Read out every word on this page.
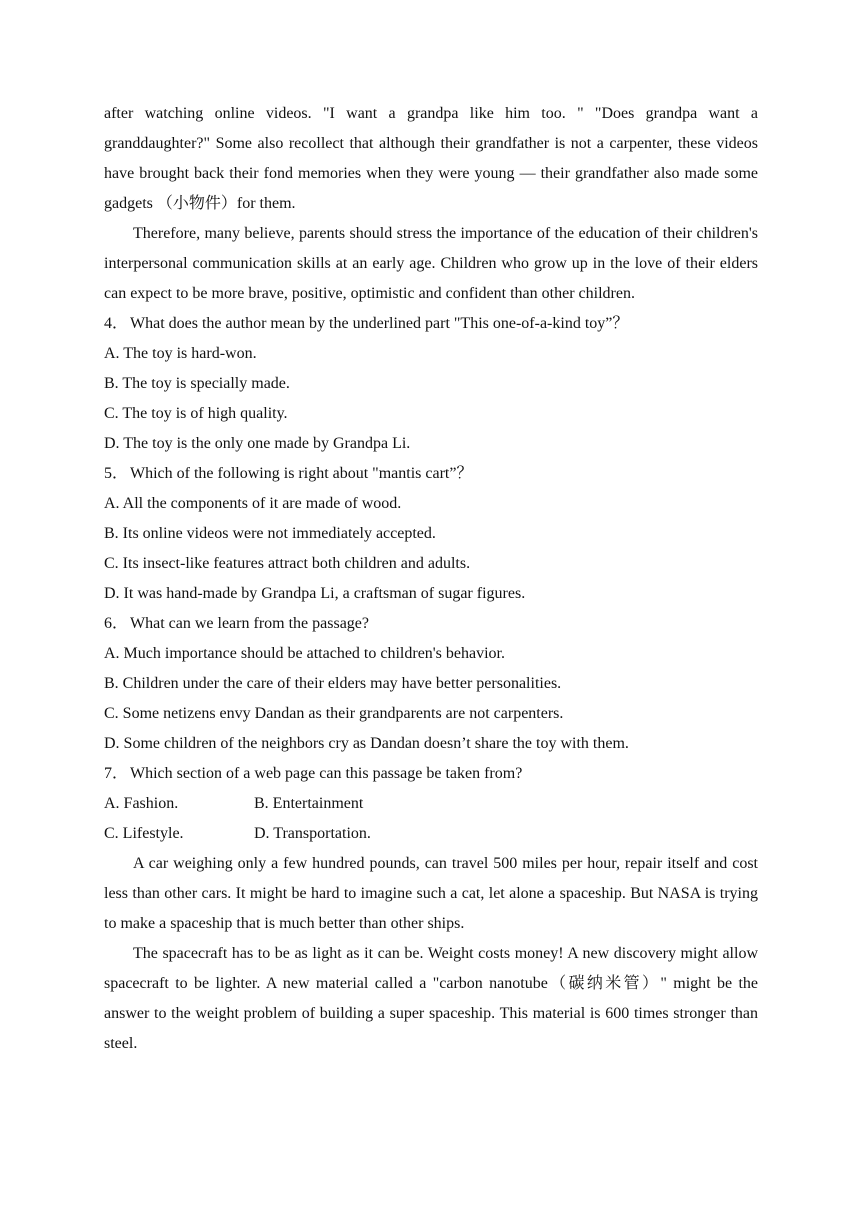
after watching online videos. "I want a grandpa like him too. " "Does grandpa want a granddaughter?" Some also recollect that although their grandfather is not a carpenter, these videos have brought back their fond memories when they were young — their grandfather also made some gadgets （小物件）for them.

Therefore, many believe, parents should stress the importance of the education of their children's interpersonal communication skills at an early age. Children who grow up in the love of their elders can expect to be more brave, positive, optimistic and confident than other children.

4． What does the author mean by the underlined part "This one-of-a-kind toy”？

A. The toy is hard-won.

B. The toy is specially made.

C. The toy is of high quality.

D. The toy is the only one made by Grandpa Li.

5． Which of the following is right about "mantis cart”？

A. All the components of it are made of wood.

B. Its online videos were not immediately accepted.

C. Its insect-like features attract both children and adults.

D. It was hand-made by Grandpa Li, a craftsman of sugar figures.

6． What can we learn from the passage?

A. Much importance should be attached to children's behavior.

B. Children under the care of their elders may have better personalities.

C. Some netizens envy Dandan as their grandparents are not carpenters.

D. Some children of the neighbors cry as Dandan doesn’t share the toy with them.

7． Which section of a web page can this passage be taken from?

A. Fashion.	B. Entertainment
C. Lifestyle.	D. Transportation.

A car weighing only a few hundred pounds, can travel 500 miles per hour, repair itself and cost less than other cars. It might be hard to imagine such a cat, let alone a spaceship. But NASA is trying to make a spaceship that is much better than other ships.

The spacecraft has to be as light as it can be. Weight costs money! A new discovery might allow spacecraft to be lighter. A new material called a "carbon nanotube（碳纳米管）" might be the answer to the weight problem of building a super spaceship. This material is 600 times stronger than steel.
